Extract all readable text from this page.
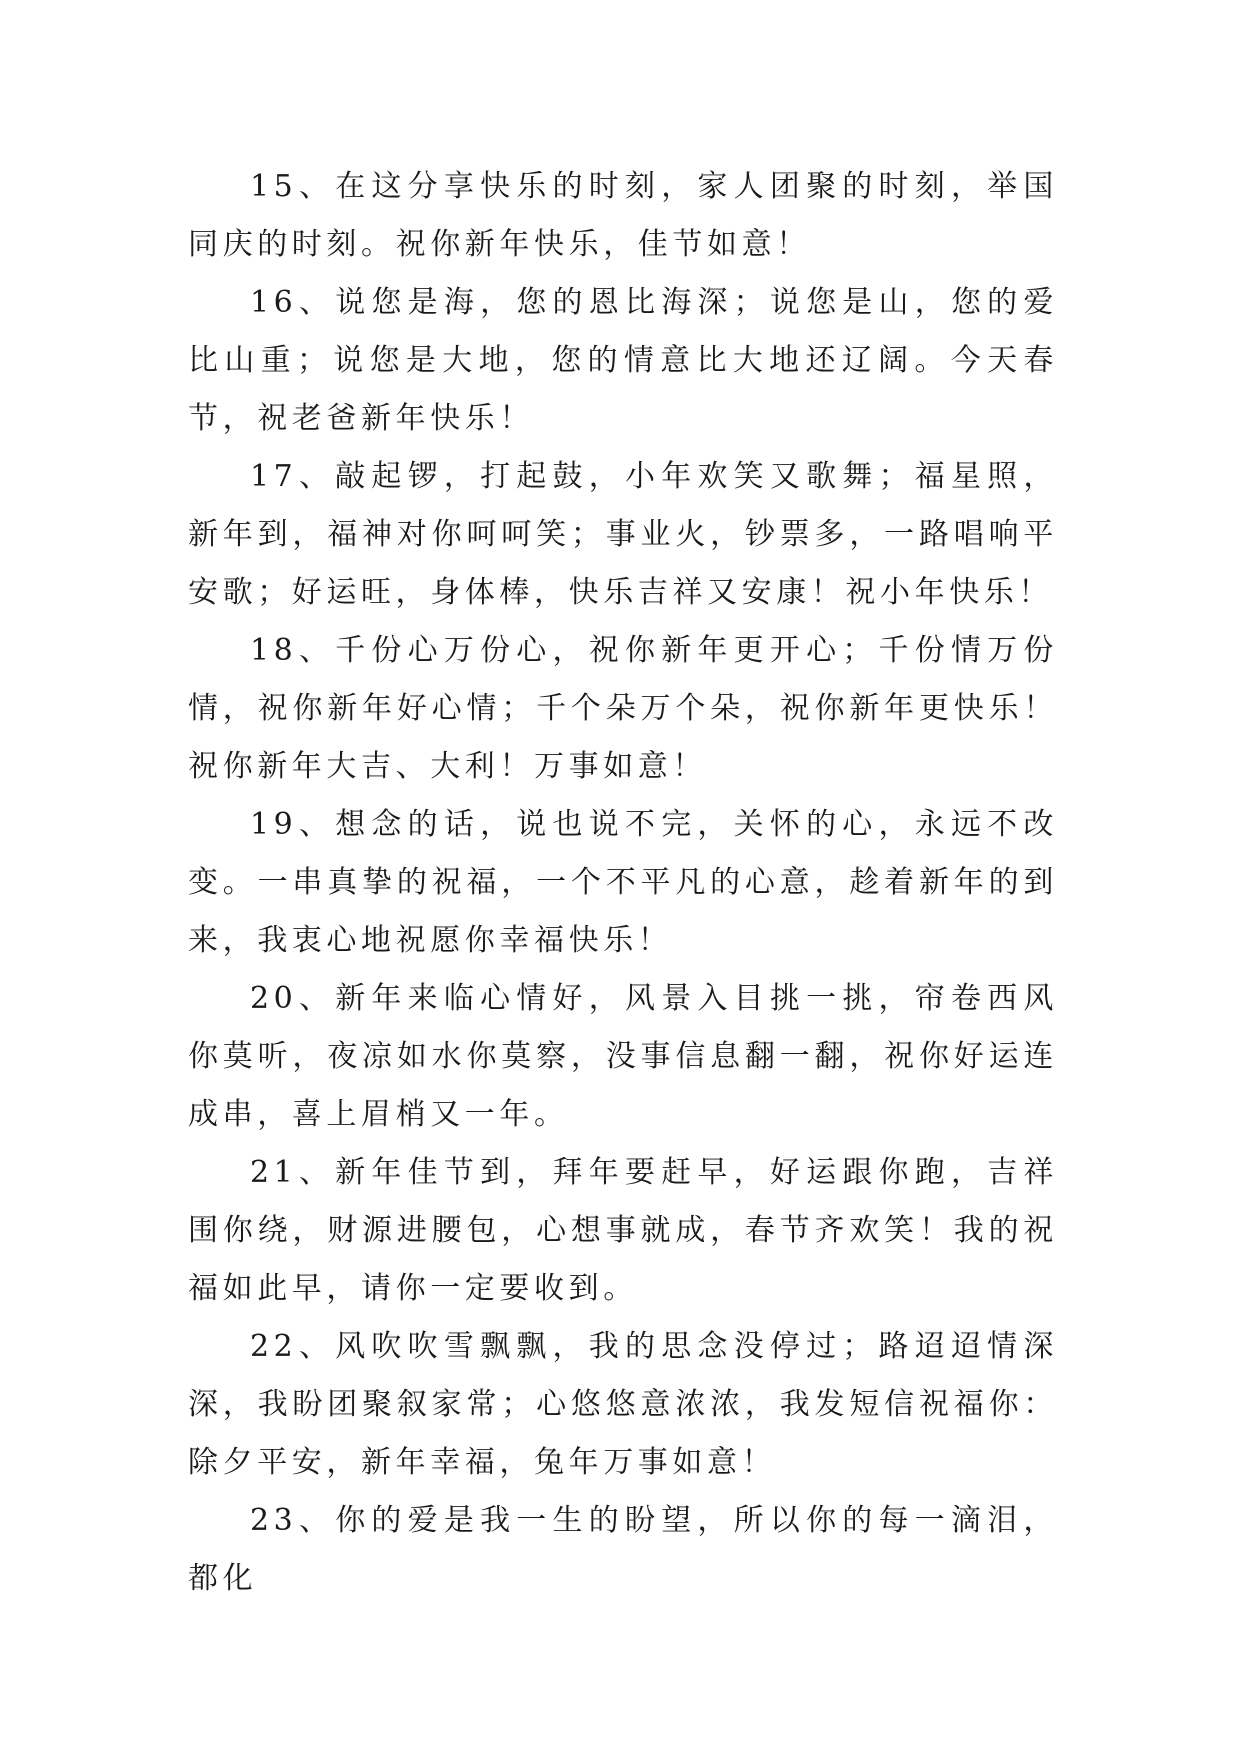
15、在这分享快乐的时刻，家人团聚的时刻，举国同庆的时刻。祝你新年快乐，佳节如意！

16、说您是海，您的恩比海深；说您是山，您的爱比山重；说您是大地，您的情意比大地还辽阔。今天春节，祝老爸新年快乐！

17、敲起锣，打起鼓，小年欢笑又歌舞；福星照，新年到，福神对你呵呵笑；事业火，钞票多，一路唱响平安歌；好运旺，身体棒，快乐吉祥又安康！祝小年快乐！

18、千份心万份心，祝你新年更开心；千份情万份情，祝你新年好心情；千个朵万个朵，祝你新年更快乐！祝你新年大吉、大利！万事如意！

19、想念的话，说也说不完，关怀的心，永远不改变。一串真挚的祝福，一个不平凡的心意，趁着新年的到来，我衷心地祝愿你幸福快乐！

20、新年来临心情好，风景入目挑一挑，帘卷西风你莫听，夜凉如水你莫察，没事信息翻一翻，祝你好运连成串，喜上眉梢又一年。

21、新年佳节到，拜年要赶早，好运跟你跑，吉祥围你绕，财源进腰包，心想事就成，春节齐欢笑！我的祝福如此早，请你一定要收到。

22、风吹吹雪飘飘，我的思念没停过；路迢迢情深深，我盼团聚叙家常；心悠悠意浓浓，我发短信祝福你：除夕平安，新年幸福，兔年万事如意！

23、你的爱是我一生的盼望，所以你的每一滴泪，都化
